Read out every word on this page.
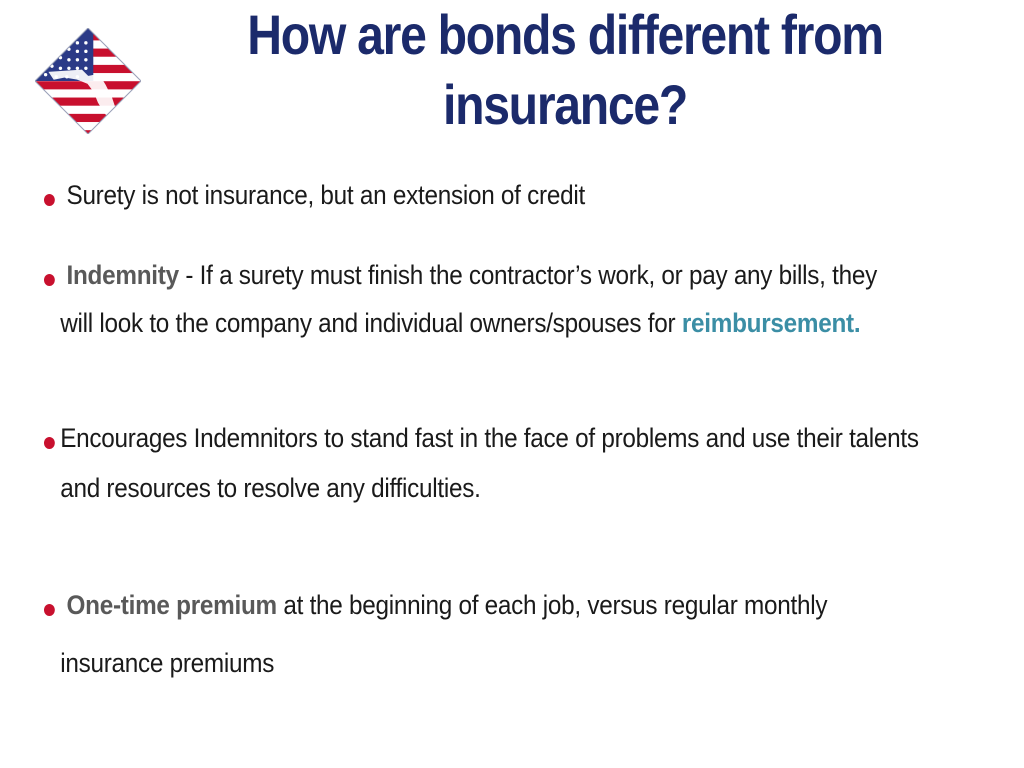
How are bonds different from insurance?
Surety is not insurance, but an extension of credit
Indemnity - If a surety must finish the contractor’s work, or pay any bills, they
will look to the company and individual owners/spouses for reimbursement.
Encourages Indemnitors to stand fast in the face of problems and use their talents
and resources to resolve any difficulties.
One-time premium at the beginning of each job, versus regular monthly
insurance premiums
